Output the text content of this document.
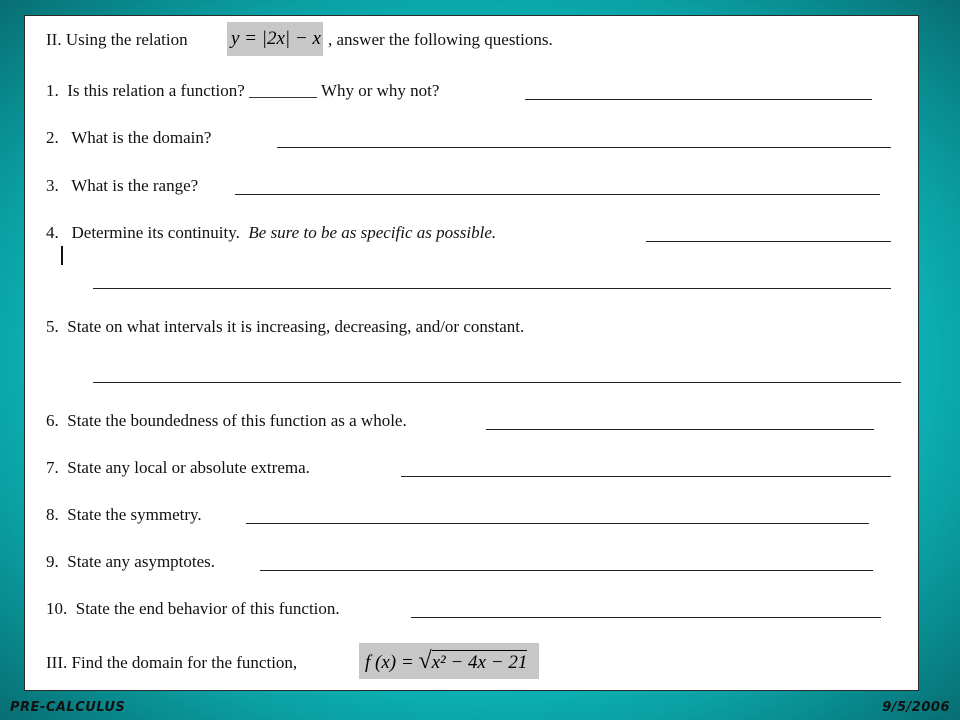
II. Using the relation y = |2x| − x , answer the following questions.
1. Is this relation a function? ________ Why or why not?
2. What is the domain?
3. What is the range?
4. Determine its continuity. Be sure to be as specific as possible.
5. State on what intervals it is increasing, decreasing, and/or constant.
6. State the boundedness of this function as a whole.
7. State any local or absolute extrema.
8. State the symmetry.
9. State any asymptotes.
10. State the end behavior of this function.
III. Find the domain for the function,	f (x) = √x² − 4x − 21
PRE-CALCULUS	9/5/2006
